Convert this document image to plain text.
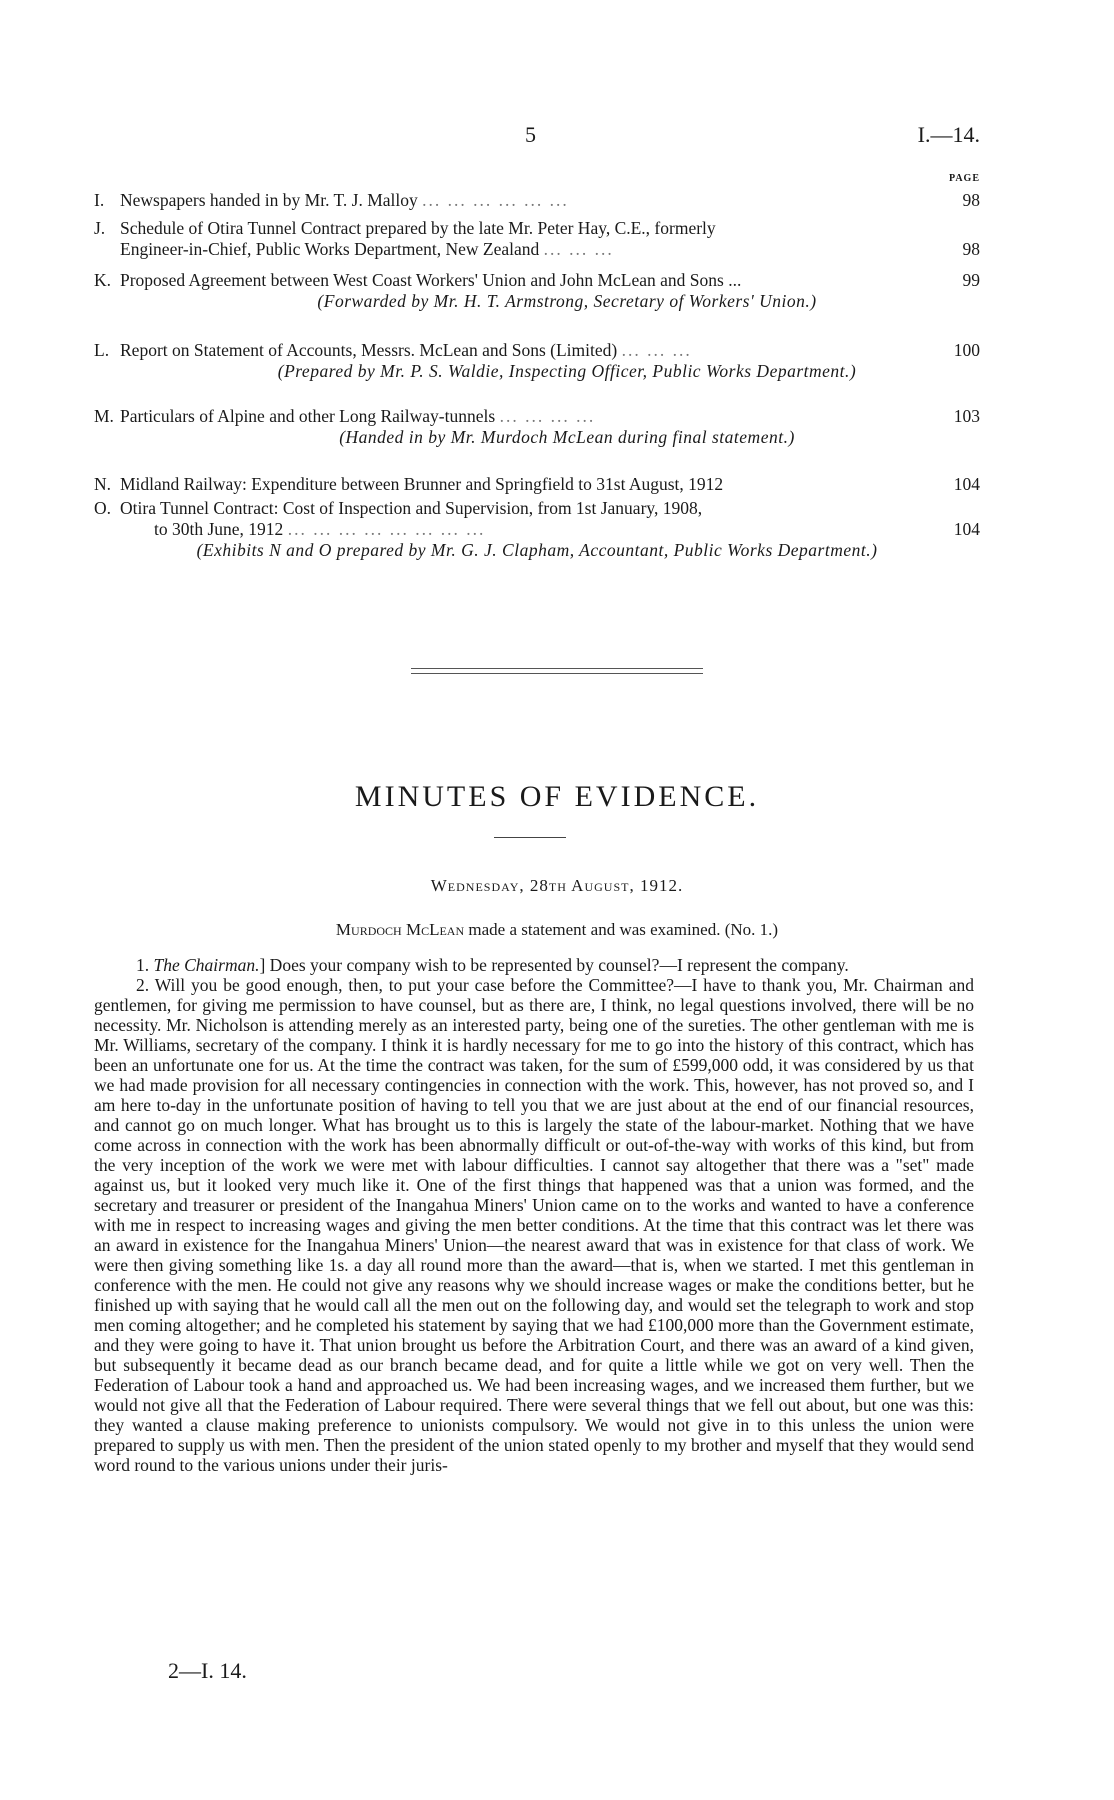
5	I.—14.
PAGE
I. Newspapers handed in by Mr. T. J. Malloy ... ... ... ... ... ...	98
J. Schedule of Otira Tunnel Contract prepared by the late Mr. Peter Hay, C.E., formerly
Engineer-in-Chief, Public Works Department, New Zealand ... ... ...	98
K. Proposed Agreement between West Coast Workers' Union and John McLean and Sons ...	99
(Forwarded by Mr. H. T. Armstrong, Secretary of Workers' Union.)
L. Report on Statement of Accounts, Messrs. McLean and Sons (Limited) ... ... ...	100
(Prepared by Mr. P. S. Waldie, Inspecting Officer, Public Works Department.)
M. Particulars of Alpine and other Long Railway-tunnels ... ... ... ...	103
(Handed in by Mr. Murdoch McLean during final statement.)
N. Midland Railway: Expenditure between Brunner and Springfield to 31st August, 1912	104
O. Otira Tunnel Contract: Cost of Inspection and Supervision, from 1st January, 1908,
to 30th June, 1912 ... ... ... ... ... ... ... ...	104
(Exhibits N and O prepared by Mr. G. J. Clapham, Accountant, Public Works Department.)
MINUTES OF EVIDENCE.
Wednesday, 28th August, 1912.
Murdoch McLean made a statement and was examined. (No. 1.)

1. The Chairman.] Does your company wish to be represented by counsel?—I represent the company.

2. Will you be good enough, then, to put your case before the Committee?—I have to thank you, Mr. Chairman and gentlemen, for giving me permission to have counsel, but as there are, I think, no legal questions involved, there will be no necessity. Mr. Nicholson is attending merely as an interested party, being one of the sureties. The other gentleman with me is Mr. Williams, secretary of the company. I think it is hardly necessary for me to go into the history of this contract, which has been an unfortunate one for us. At the time the contract was taken, for the sum of £599,000 odd, it was considered by us that we had made provision for all necessary contingencies in connection with the work. This, however, has not proved so, and I am here to-day in the unfortunate position of having to tell you that we are just about at the end of our financial resources, and cannot go on much longer. What has brought us to this is largely the state of the labour-market. Nothing that we have come across in connection with the work has been abnormally difficult or out-of-the-way with works of this kind, but from the very inception of the work we were met with labour difficulties. I cannot say altogether that there was a "set" made against us, but it looked very much like it. One of the first things that happened was that a union was formed, and the secretary and treasurer or president of the Inangahua Miners' Union came on to the works and wanted to have a conference with me in respect to increasing wages and giving the men better conditions. At the time that this contract was let there was an award in existence for the Inangahua Miners' Union—the nearest award that was in existence for that class of work. We were then giving something like 1s. a day all round more than the award—that is, when we started. I met this gentleman in conference with the men. He could not give any reasons why we should increase wages or make the conditions better, but he finished up with saying that he would call all the men out on the following day, and would set the telegraph to work and stop men coming altogether; and he completed his statement by saying that we had £100,000 more than the Government estimate, and they were going to have it. That union brought us before the Arbitration Court, and there was an award of a kind given, but subsequently it became dead as our branch became dead, and for quite a little while we got on very well. Then the Federation of Labour took a hand and approached us. We had been increasing wages, and we increased them further, but we would not give all that the Federation of Labour required. There were several things that we fell out about, but one was this: they wanted a clause making preference to unionists compulsory. We would not give in to this unless the union were prepared to supply us with men. Then the president of the union stated openly to my brother and myself that they would send word round to the various unions under their juris-

2—I. 14.
